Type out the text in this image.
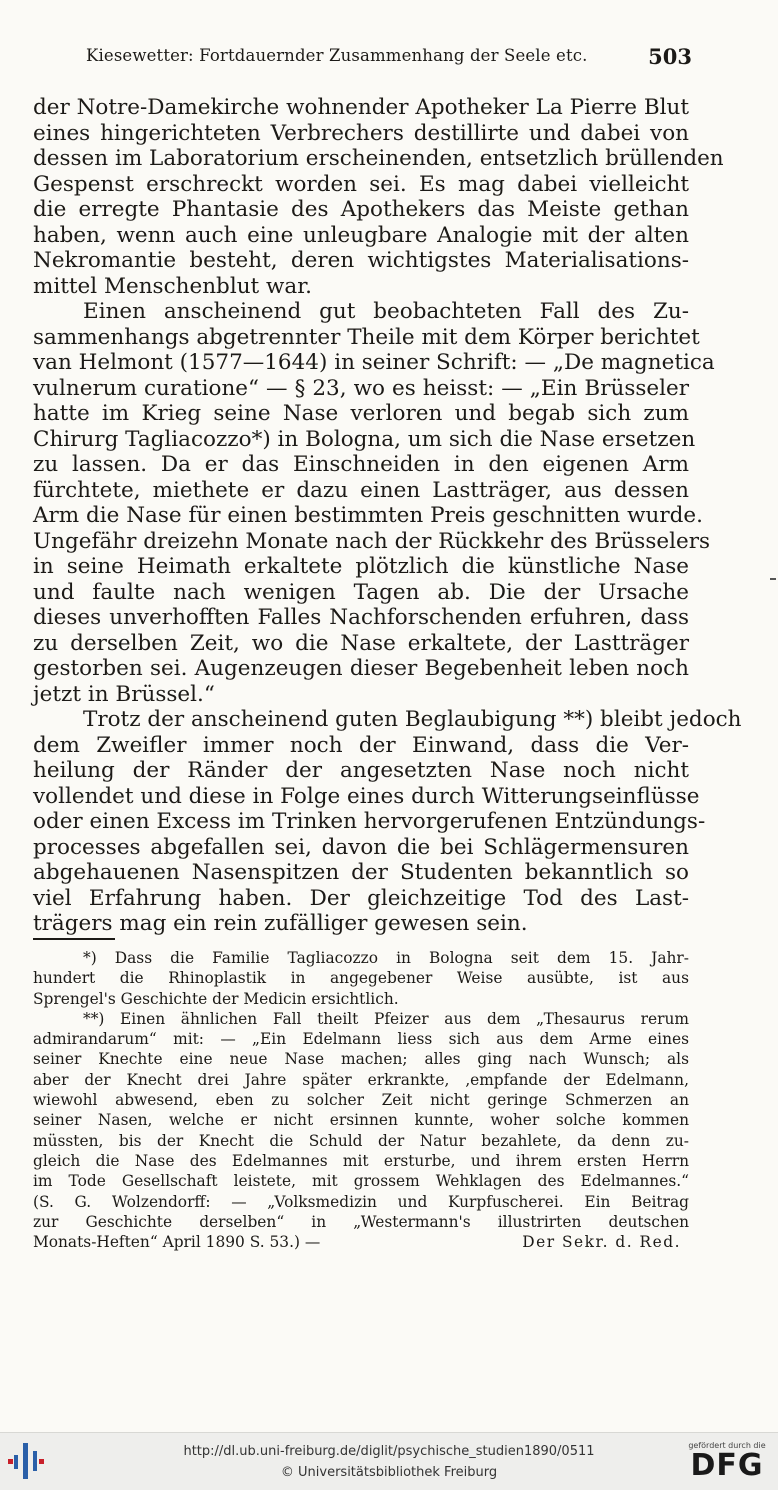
Kiesewetter: Fortdauernder Zusammenhang der Seele etc.	503
der Notre-Damekirche wohnender Apotheker La Pierre Blut
eines hingerichteten Verbrechers destillirte und dabei von
dessen im Laboratorium erscheinenden, entsetzlich brüllenden
Gespenst erschreckt worden sei. Es mag dabei vielleicht
die erregte Phantasie des Apothekers das Meiste gethan
haben, wenn auch eine unleugbare Analogie mit der alten
Nekromantie besteht, deren wichtigstes Materialisations-
mittel Menschenblut war.
Einen anscheinend gut beobachteten Fall des Zu-
sammenhangs abgetrennter Theile mit dem Körper berichtet
van Helmont (1577—1644) in seiner Schrift: — „De magnetica
vulnerum curatione“ — § 23, wo es heisst: — „Ein Brüsseler
hatte im Krieg seine Nase verloren und begab sich zum
Chirurg Tagliacozzo*) in Bologna, um sich die Nase ersetzen
zu lassen. Da er das Einschneiden in den eigenen Arm
fürchtete, miethete er dazu einen Lastträger, aus dessen
Arm die Nase für einen bestimmten Preis geschnitten wurde.
Ungefähr dreizehn Monate nach der Rückkehr des Brüsselers
in seine Heimath erkaltete plötzlich die künstliche Nase
und faulte nach wenigen Tagen ab. Die der Ursache
dieses unverhofften Falles Nachforschenden erfuhren, dass
zu derselben Zeit, wo die Nase erkaltete, der Lastträger
gestorben sei. Augenzeugen dieser Begebenheit leben noch
jetzt in Brüssel.“
Trotz der anscheinend guten Beglaubigung **) bleibt jedoch
dem Zweifler immer noch der Einwand, dass die Ver-
heilung der Ränder der angesetzten Nase noch nicht
vollendet und diese in Folge eines durch Witterungseinflüsse
oder einen Excess im Trinken hervorgerufenen Entzündungs-
processes abgefallen sei, davon die bei Schlägermensuren
abgehauenen Nasenspitzen der Studenten bekanntlich so
viel Erfahrung haben. Der gleichzeitige Tod des Last-
trägers mag ein rein zufälliger gewesen sein.
*) Dass die Familie Tagliacozzo in Bologna seit dem 15. Jahr-
hundert die Rhinoplastik in angegebener Weise ausübte, ist aus
Sprengel's Geschichte der Medicin ersichtlich.
**) Einen ähnlichen Fall theilt Pfeizer aus dem „Thesaurus rerum
admirandarum“ mit: — „Ein Edelmann liess sich aus dem Arme eines
seiner Knechte eine neue Nase machen; alles ging nach Wunsch; als
aber der Knecht drei Jahre später erkrankte, ‚empfande der Edelmann,
wiewohl abwesend, eben zu solcher Zeit nicht geringe Schmerzen an
seiner Nasen, welche er nicht ersinnen kunnte, woher solche kommen
müssten, bis der Knecht die Schuld der Natur bezahlete, da denn zu-
gleich die Nase des Edelmannes mit ersturbe, und ihrem ersten Herrn
im Tode Gesellschaft leistete, mit grossem Wehklagen des Edelmannes.“
(S. G. Wolzendorff: — „Volksmedizin und Kurpfuscherei. Ein Beitrag
zur Geschichte derselben“ in „Westermann's illustrirten deutschen
Monats-Heften“ April 1890 S. 53.) —	Der Sekr. d. Red.
http://dl.ub.uni-freiburg.de/diglit/psychische_studien1890/0511
© Universitätsbibliothek Freiburg
gefördert durch die
DFG
